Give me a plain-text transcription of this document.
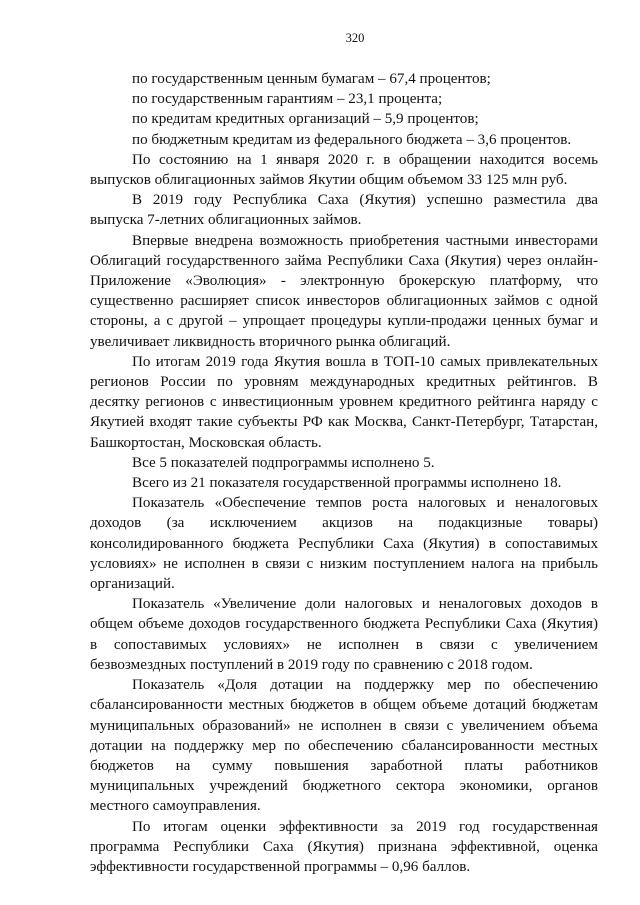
320
по государственным ценным бумагам – 67,4 процентов;
по государственным гарантиям – 23,1 процента;
по кредитам кредитных организаций – 5,9 процентов;
по бюджетным кредитам из федерального бюджета – 3,6 процентов.
По состоянию на 1 января 2020 г. в обращении находится восемь
выпусков облигационных займов Якутии общим объемом 33 125 млн руб.
В 2019 году Республика Саха (Якутия) успешно разместила два
выпуска 7-летних облигационных займов.
Впервые внедрена возможность приобретения частными инвесторами
Облигаций государственного займа Республики Саха (Якутия) через онлайн-
Приложение «Эволюция» - электронную брокерскую платформу, что
существенно расширяет список инвесторов облигационных займов с одной
стороны, а с другой – упрощает процедуры купли-продажи ценных бумаг и
увеличивает ликвидность вторичного рынка облигаций.
По итогам 2019 года Якутия вошла в ТОП-10 самых привлекательных
регионов России по уровням международных кредитных рейтингов. В
десятку регионов с инвестиционным уровнем кредитного рейтинга наряду с
Якутией входят такие субъекты РФ как Москва, Санкт-Петербург, Татарстан,
Башкортостан, Московская область.
Все 5 показателей подпрограммы исполнено 5.
Всего из 21 показателя государственной программы исполнено 18.
Показатель «Обеспечение темпов роста налоговых и неналоговых
доходов (за исключением акцизов на подакцизные товары)
консолидированного бюджета Республики Саха (Якутия) в сопоставимых
условиях» не исполнен в связи с низким поступлением налога на прибыль
организаций.
Показатель «Увеличение доли налоговых и неналоговых доходов в
общем объеме доходов государственного бюджета Республики Саха (Якутия)
в сопоставимых условиях» не исполнен в связи с увеличением
безвозмездных поступлений в 2019 году по сравнению с 2018 годом.
Показатель «Доля дотации на поддержку мер по обеспечению
сбалансированности местных бюджетов в общем объеме дотаций бюджетам
муниципальных образований» не исполнен в связи с увеличением объема
дотации на поддержку мер по обеспечению сбалансированности местных
бюджетов на сумму повышения заработной платы работников
муниципальных учреждений бюджетного сектора экономики, органов
местного самоуправления.
По итогам оценки эффективности за 2019 год государственная
программа Республики Саха (Якутия) признана эффективной, оценка
эффективности государственной программы – 0,96 баллов.
